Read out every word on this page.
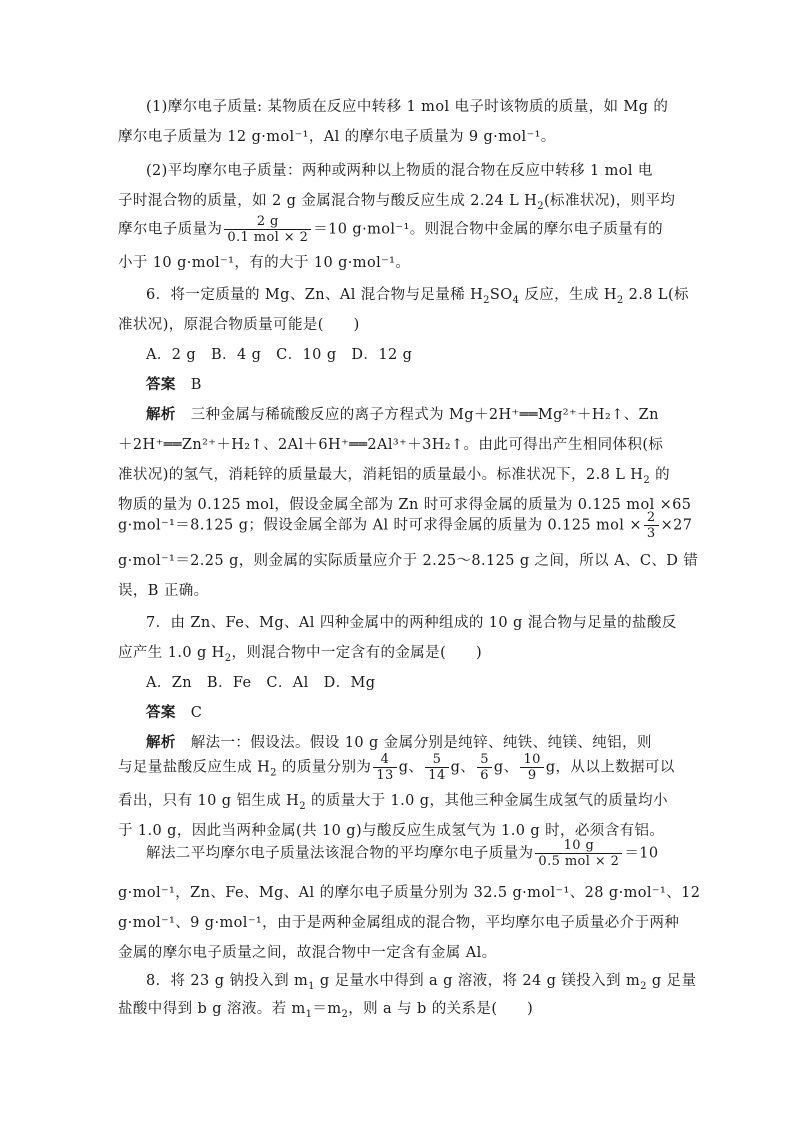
(1)摩尔电子质量: 某物质在反应中转移 1 mol 电子时该物质的质量，如 Mg 的
摩尔电子质量为 12 g·mol⁻¹，Al 的摩尔电子质量为 9 g·mol⁻¹。
(2)平均摩尔电子质量：两种或两种以上物质的混合物在反应中转移 1 mol 电
子时混合物的质量，如 2 g 金属混合物与酸反应生成 2.24 L $H_2$(标准状况)，则平均
摩尔电子质量为 $\frac{2 g}{\text{0.1 mol × 2}} =10$ g·mol⁻¹。则混合物中金属的摩尔电子质量有的
小于 10 g·mol⁻¹，有的大于 10 g·mol⁻¹。
6．将一定质量的 Mg、Zn、Al 混合物与足量稀 $H_2SO_4$ 反应，生成 $H_2$ 2.8 L(标
准状况)，原混合物质量可能是(　　)
A．2 g　B．4 g　C．10 g　D．12 g
答案　 B
解析　 三种金属与稀硫酸反应的离子方程式为 Mg＋2H⁺══Mg²⁺＋H₂↑、Zn
＋2H⁺══Zn²⁺＋H₂↑、2Al＋6H⁺══2Al³⁺＋3H₂↑。由此可得出产生相同体积(标
准状况)的氢气，消耗锌的质量最大，消耗铝的质量最小。标准状况下，2.8 L $H_2$ 的
物质的量为 0.125 mol，假设金属全部为 Zn 时可求得金属的质量为 0.125 mol ×65
g·mol⁻¹＝8.125 g；假设金属全部为 Al 时可求得金属的质量为 0.125 mol × $\frac{2}{3} \times 27$
g·mol⁻¹＝2.25 g，则金属的实际质量应介于 2.25～8.125 g 之间，所以 A、C、D 错
误，B 正确。
7．由 Zn、Fe、Mg、Al 四种金属中的两种组成的 10 g 混合物与足量的盐酸反
应产生 1.0 g $H_2$，则混合物中一定含有的金属是(　　)
A．Zn　B．Fe　C．Al　D．Mg
答案　 C
解析　 解法一：假设法。假设 10 g 金属分别是纯锌、纯铁、纯镁、纯铝，则
与足量盐酸反应生成 $H_2$ 的质量分别为 $\frac{4}{13}$ g、 $\frac{5}{14}$ g、 $\frac{5}{6}$ g、 $\frac{10}{9}$ g，从以上数据可以
看出，只有 10 g 铝生成 $H_2$ 的质量大于 1.0 g，其他三种金属生成氢气的质量均小
于 1.0 g，因此当两种金属(共 10 g)与酸反应生成氢气为 1.0 g 时，必须含有铝。
解法二平均摩尔电子质量法该混合物的平均摩尔电子质量为 $\frac{10 g}{\text{0.5 mol × 2}} =10$
g·mol⁻¹，Zn、Fe、Mg、Al 的摩尔电子质量分别为 32.5 g·mol⁻¹、28 g·mol⁻¹、12
g·mol⁻¹、9 g·mol⁻¹，由于是两种金属组成的混合物，平均摩尔电子质量必介于两种
金属的摩尔电子质量之间，故混合物中一定含有金属 Al。
8．将 23 g 钠投入到 $m_1$ g 足量水中得到 a g 溶液，将 24 g 镁投入到 $m_2$ g 足量
盐酸中得到 b g 溶液。若 $m_1=m_2$，则 a 与 b 的关系是(　　)
